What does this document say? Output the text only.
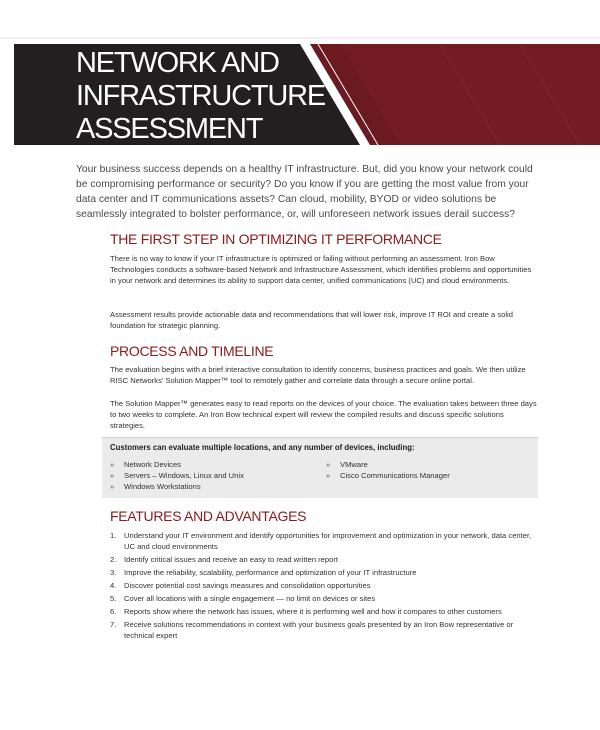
NETWORK AND
INFRASTRUCTURE
ASSESSMENT
Your business success depends on a healthy IT infrastructure. But, did you know your network could be compromising performance or security? Do you know if you are getting the most value from your data center and IT communications assets? Can cloud, mobility, BYOD or video solutions be seamlessly integrated to bolster performance, or, will unforeseen network issues derail success?
THE FIRST STEP IN OPTIMIZING IT PERFORMANCE
There is no way to know if your IT infrastructure is optimized or failing without performing an assessment. Iron Bow Technologies conducts a software-based Network and Infrastructure Assessment, which identifies problems and opportunities in your network and determines its ability to support data center, unified communications (UC) and cloud environments.
Assessment results provide actionable data and recommendations that will lower risk, improve IT ROI and create a solid foundation for strategic planning.
PROCESS AND TIMELINE
The evaluation begins with a brief interactive consultation to identify concerns, business practices and goals. We then utilize RISC Networks' Solution Mapper™ tool to remotely gather and correlate data through a secure online portal.
The Solution Mapper™ generates easy to read reports on the devices of your choice. The evaluation takes between three days to two weeks to complete. An Iron Bow technical expert will review the compiled results and discuss specific solutions strategies.
Customers can evaluate multiple locations, and any number of devices, including:
» Network Devices
» Servers – Windows, Linux and Unix
» Windows Workstations
» VMware
» Cisco Communications Manager
FEATURES AND ADVANTAGES
1. Understand your IT environment and identify opportunities for improvement and optimization in your network, data center, UC and cloud environments
2. Identify critical issues and receive an easy to read written report
3. Improve the reliability, scalability, performance and optimization of your IT infrastructure
4. Discover potential cost savings measures and consolidation opportunities
5. Cover all locations with a single engagement — no limit on devices or sites
6. Reports show where the network has issues, where it is performing well and how it compares to other customers
7. Receive solutions recommendations in context with your business goals presented by an Iron Bow representative or technical expert
